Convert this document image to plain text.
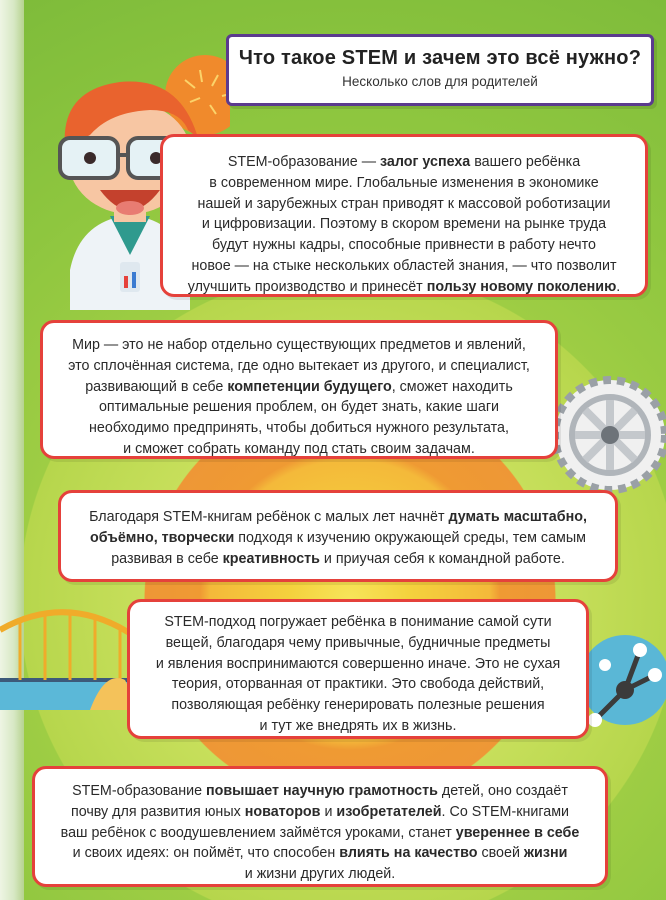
Что такое STEM и зачем это всё нужно?
Несколько слов для родителей

STEM-образование — залог успеха вашего ребёнка

в современном мире. Глобальные изменения в экономике

нашей и зарубежных стран приводят к массовой роботизации

и цифровизации. Поэтому в скором времени на рынке труда

будут нужны кадры, способные привнести в работу нечто

новое — на стыке нескольких областей знания, — что позволит

улучшить производство и принесёт пользу новому поколению.

Мир — это не набор отдельно существующих предметов и явлений,

это сплочённая система, где одно вытекает из другого, и специалист,

развивающий в себе компетенции будущего, сможет находить

оптимальные решения проблем, он будет знать, какие шаги

необходимо предпринять, чтобы добиться нужного результата,

и сможет собрать команду под стать своим задачам.

Благодаря STEM-книгам ребёнок с малых лет начнёт думать масштабно,

объёмно, творчески подходя к изучению окружающей среды, тем самым

развивая в себе креативность и приучая себя к командной работе.

STEM-подход погружает ребёнка в понимание самой сути

вещей, благодаря чему привычные, будничные предметы

и явления воспринимаются совершенно иначе. Это не сухая

теория, оторванная от практики. Это свобода действий,

позволяющая ребёнку генерировать полезные решения

и тут же внедрять их в жизнь.

STEM-образование повышает научную грамотность детей, оно создаёт

почву для развития юных новаторов и изобретателей. Со STEM-книгами

ваш ребёнок с воодушевлением займётся уроками, станет увереннее в себе

и своих идеях: он поймёт, что способен влиять на качество своей жизни

и жизни других людей.
